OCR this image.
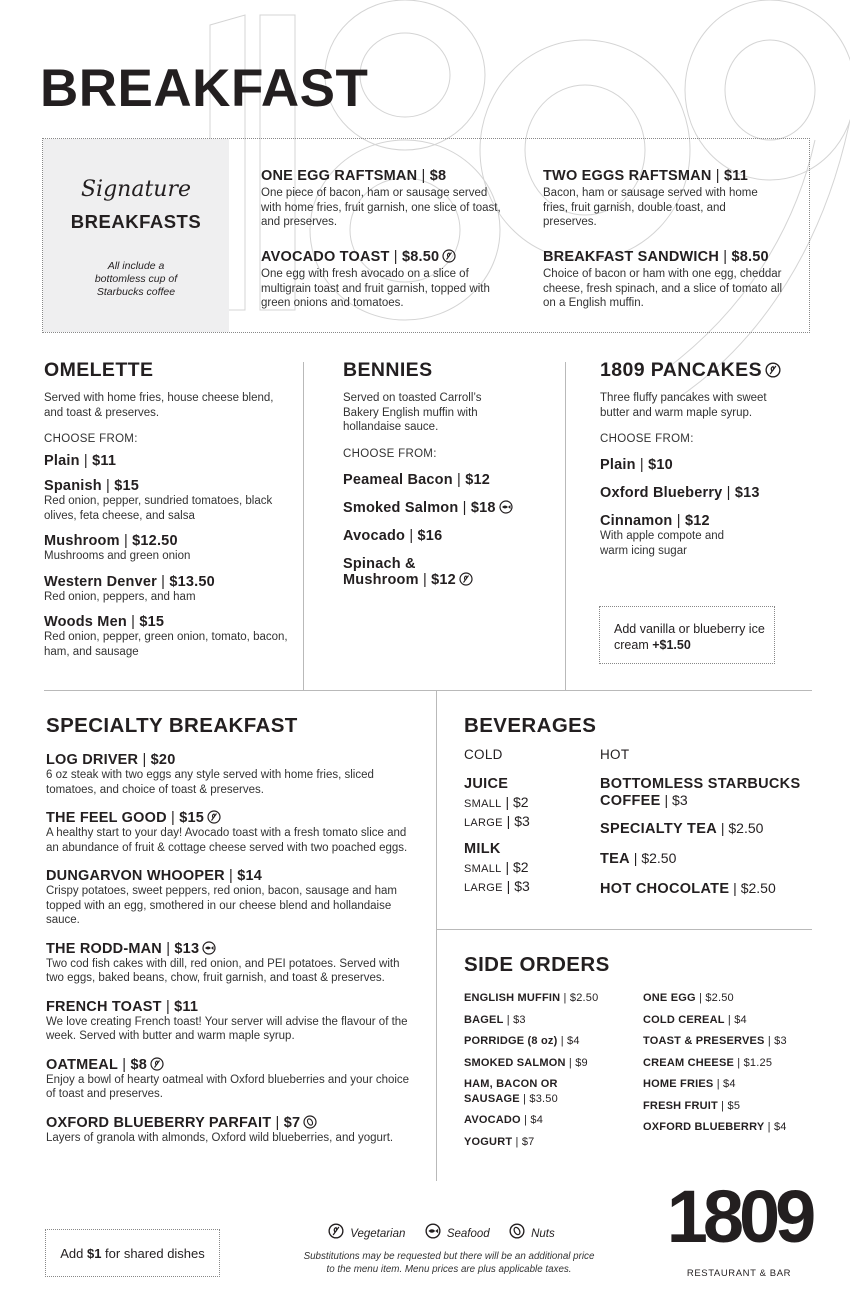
BREAKFAST
Signature
BREAKFASTS
All include a bottomless cup of Starbucks coffee
ONE EGG RAFTSMAN | $8
One piece of bacon, ham or sausage served with home fries, fruit garnish, one slice of toast, and preserves.
TWO EGGS RAFTSMAN | $11
Bacon, ham or sausage served with home fries, fruit garnish, double toast, and preserves.
AVOCADO TOAST | $8.50
One egg with fresh avocado on a slice of multigrain toast and fruit garnish, topped with green onions and tomatoes.
BREAKFAST SANDWICH | $8.50
Choice of bacon or ham with one egg, cheddar cheese, fresh spinach, and a slice of tomato all on a English muffin.
OMELETTE
Served with home fries, house cheese blend, and toast & preserves.
CHOOSE FROM:
Plain | $11
Spanish | $15
Red onion, pepper, sundried tomatoes, black olives, feta cheese, and salsa
Mushroom | $12.50
Mushrooms and green onion
Western Denver | $13.50
Red onion, peppers, and ham
Woods Men | $15
Red onion, pepper, green onion, tomato, bacon, ham, and sausage
BENNIES
Served on toasted Carroll’s Bakery English muffin with hollandaise sauce.
CHOOSE FROM:
Peameal Bacon | $12
Smoked Salmon | $18
Avocado | $16
Spinach &
Mushroom | $12
1809 PANCAKES
Three fluffy pancakes with sweet butter and warm maple syrup.
CHOOSE FROM:
Plain | $10
Oxford Blueberry | $13
Cinnamon | $12
With apple compote and warm icing sugar
Add vanilla or blueberry ice cream +$1.50
SPECIALTY BREAKFAST
LOG DRIVER | $20
6 oz steak with two eggs any style served with home fries, sliced tomatoes, and choice of toast & preserves.
THE FEEL GOOD | $15
A healthy start to your day! Avocado toast with a fresh tomato slice and an abundance of fruit & cottage cheese served with two poached eggs.
DUNGARVON WHOOPER | $14
Crispy potatoes, sweet peppers, red onion, bacon, sausage and ham topped with an egg, smothered in our cheese blend and hollandaise sauce.
THE RODD-MAN | $13
Two cod fish cakes with dill, red onion, and PEI potatoes. Served with two eggs, baked beans, chow, fruit garnish, and toast & preserves.
FRENCH TOAST | $11
We love creating French toast! Your server will advise the flavour of the week. Served with butter and warm maple syrup.
OATMEAL | $8
Enjoy a bowl of hearty oatmeal with Oxford blueberries and your choice of toast and preserves.
OXFORD BLUEBERRY PARFAIT | $7
Layers of granola with almonds, Oxford wild blueberries, and yogurt.
BEVERAGES
COLD	HOT
JUICE
SMALL | $2
LARGE | $3
MILK
SMALL | $2
LARGE | $3
BOTTOMLESS STARBUCKS
COFFEE | $3
SPECIALTY TEA | $2.50
TEA | $2.50
HOT CHOCOLATE | $2.50
SIDE ORDERS
ENGLISH MUFFIN | $2.50
BAGEL | $3
PORRIDGE (8 oz) | $4
SMOKED SALMON | $9
HAM, BACON OR
SAUSAGE | $3.50
AVOCADO | $4
YOGURT | $7
ONE EGG | $2.50
COLD CEREAL | $4
TOAST & PRESERVES | $3
CREAM CHEESE | $1.25
HOME FRIES | $4
FRESH FRUIT | $5
OXFORD BLUEBERRY | $4
Add $1 for shared dishes
Vegetarian	Seafood	Nuts
Substitutions may be requested but there will be an additional price
to the menu item. Menu prices are plus applicable taxes.
1809
RESTAURANT & BAR
